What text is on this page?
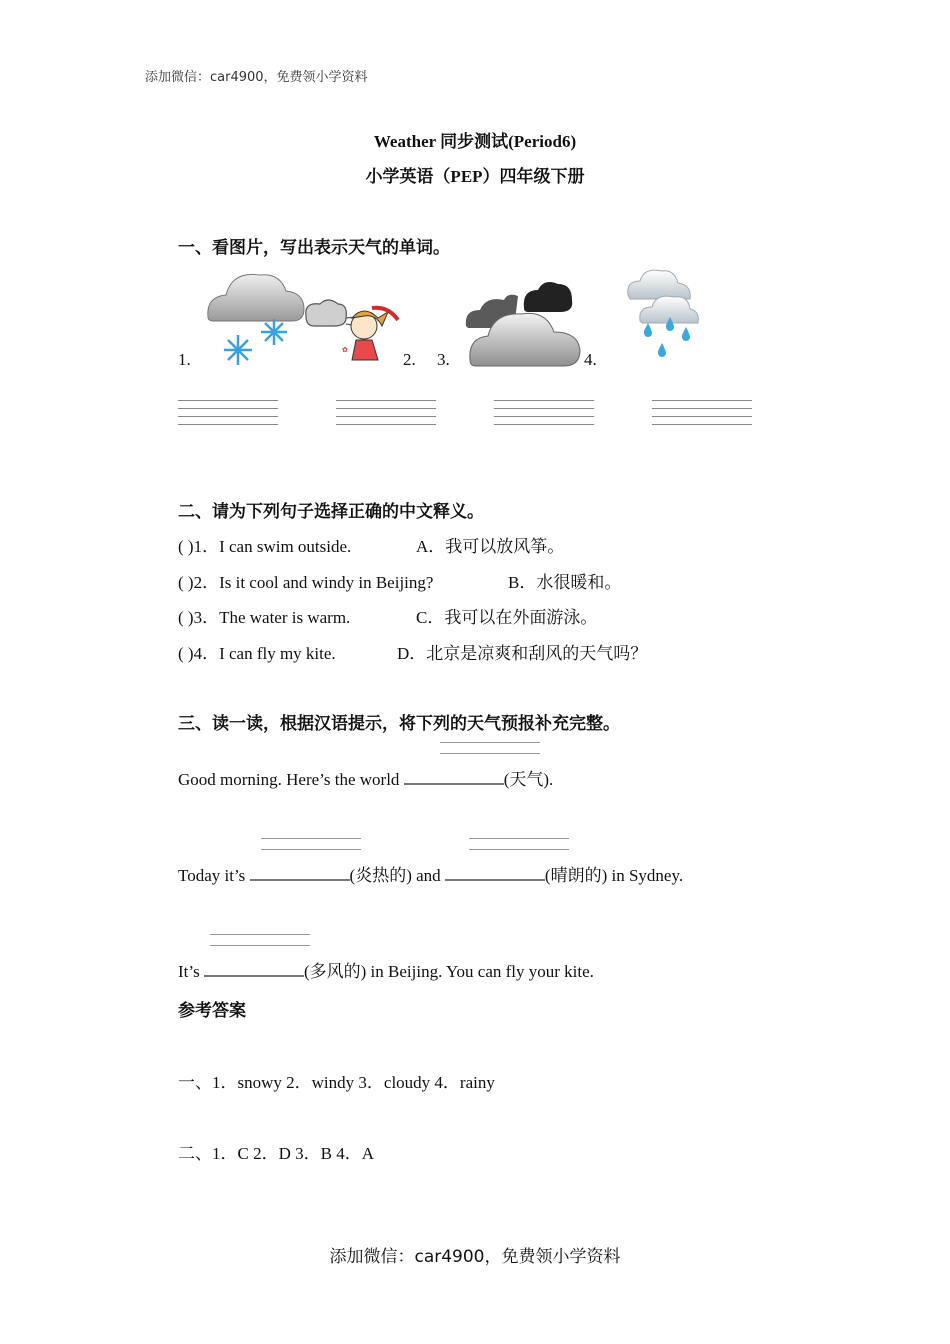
添加微信：car4900，免费领小学资料
Weather 同步测试(Period6)
小学英语（PEP）四年级下册
一、看图片，写出表示天气的单词。
1.	✿	2. 3.	4.
二、请为下列句子选择正确的中文释义。
( )1．I can swim outside.	A．我可以放风筝。
( )2．Is it cool and windy in Beijing?	B．水很暖和。
( )3．The water is warm.	C．我可以在外面游泳。
( )4．I can fly my kite.	D．北京是凉爽和刮风的天气吗？
三、读一读，根据汉语提示，将下列的天气预报补充完整。
Good morning. Here’s the world	(天气).
Today it’s	(炎热的) and	(晴朗的) in Sydney.
It’s	(多风的) in Beijing. You can fly your kite.
参考答案
一、1．snowy 2．windy 3．cloudy 4．rainy
二、1．C 2．D 3．B 4．A
添加微信：car4900，免费领小学资料
